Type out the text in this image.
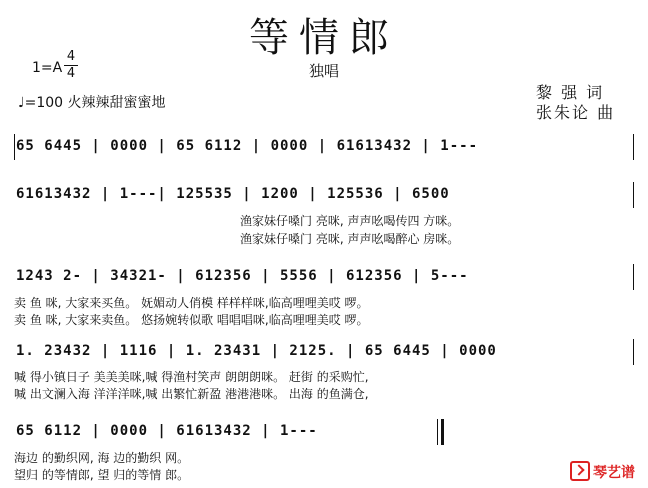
等情郎
独唱
1=A
4
4
♩=100 火辣辣甜蜜蜜地
黎 强 词
张朱论 曲
65 6445 | 0000 | 65 6112 | 0000 | 61613432 | 1---
61613432 | 1---| 125535 | 1200 | 125536 | 6500
渔家妹仔嗓门 亮咪, 声声吆喝传四 方咪。
渔家妹仔嗓门 亮咪, 声声吆喝醉心 房咪。
1243 2- | 34321- | 612356 | 5556 | 612356 | 5---
卖 鱼 咪, 大家来买鱼。 妩媚动人俏模 样样样咪,临高哩哩美哎 啰。
卖 鱼 咪, 大家来卖鱼。 悠扬婉转似歌 唱唱唱咪,临高哩哩美哎 啰。
1. 23432 | 1116 | 1. 23431 | 2125. | 65 6445 | 0000
喊 得小镇日子 美美美咪,喊 得渔村笑声 朗朗朗咪。 赶街 的采购忙,
喊 出文澜入海 洋洋洋咪,喊 出繁忙新盈 港港港咪。 出海 的鱼满仓,
65 6112 | 0000 | 61613432 | 1---
海边 的勤织网, 海 边的勤织 网。
望归 的等情郎, 望 归的等情 郎。	琴艺谱
